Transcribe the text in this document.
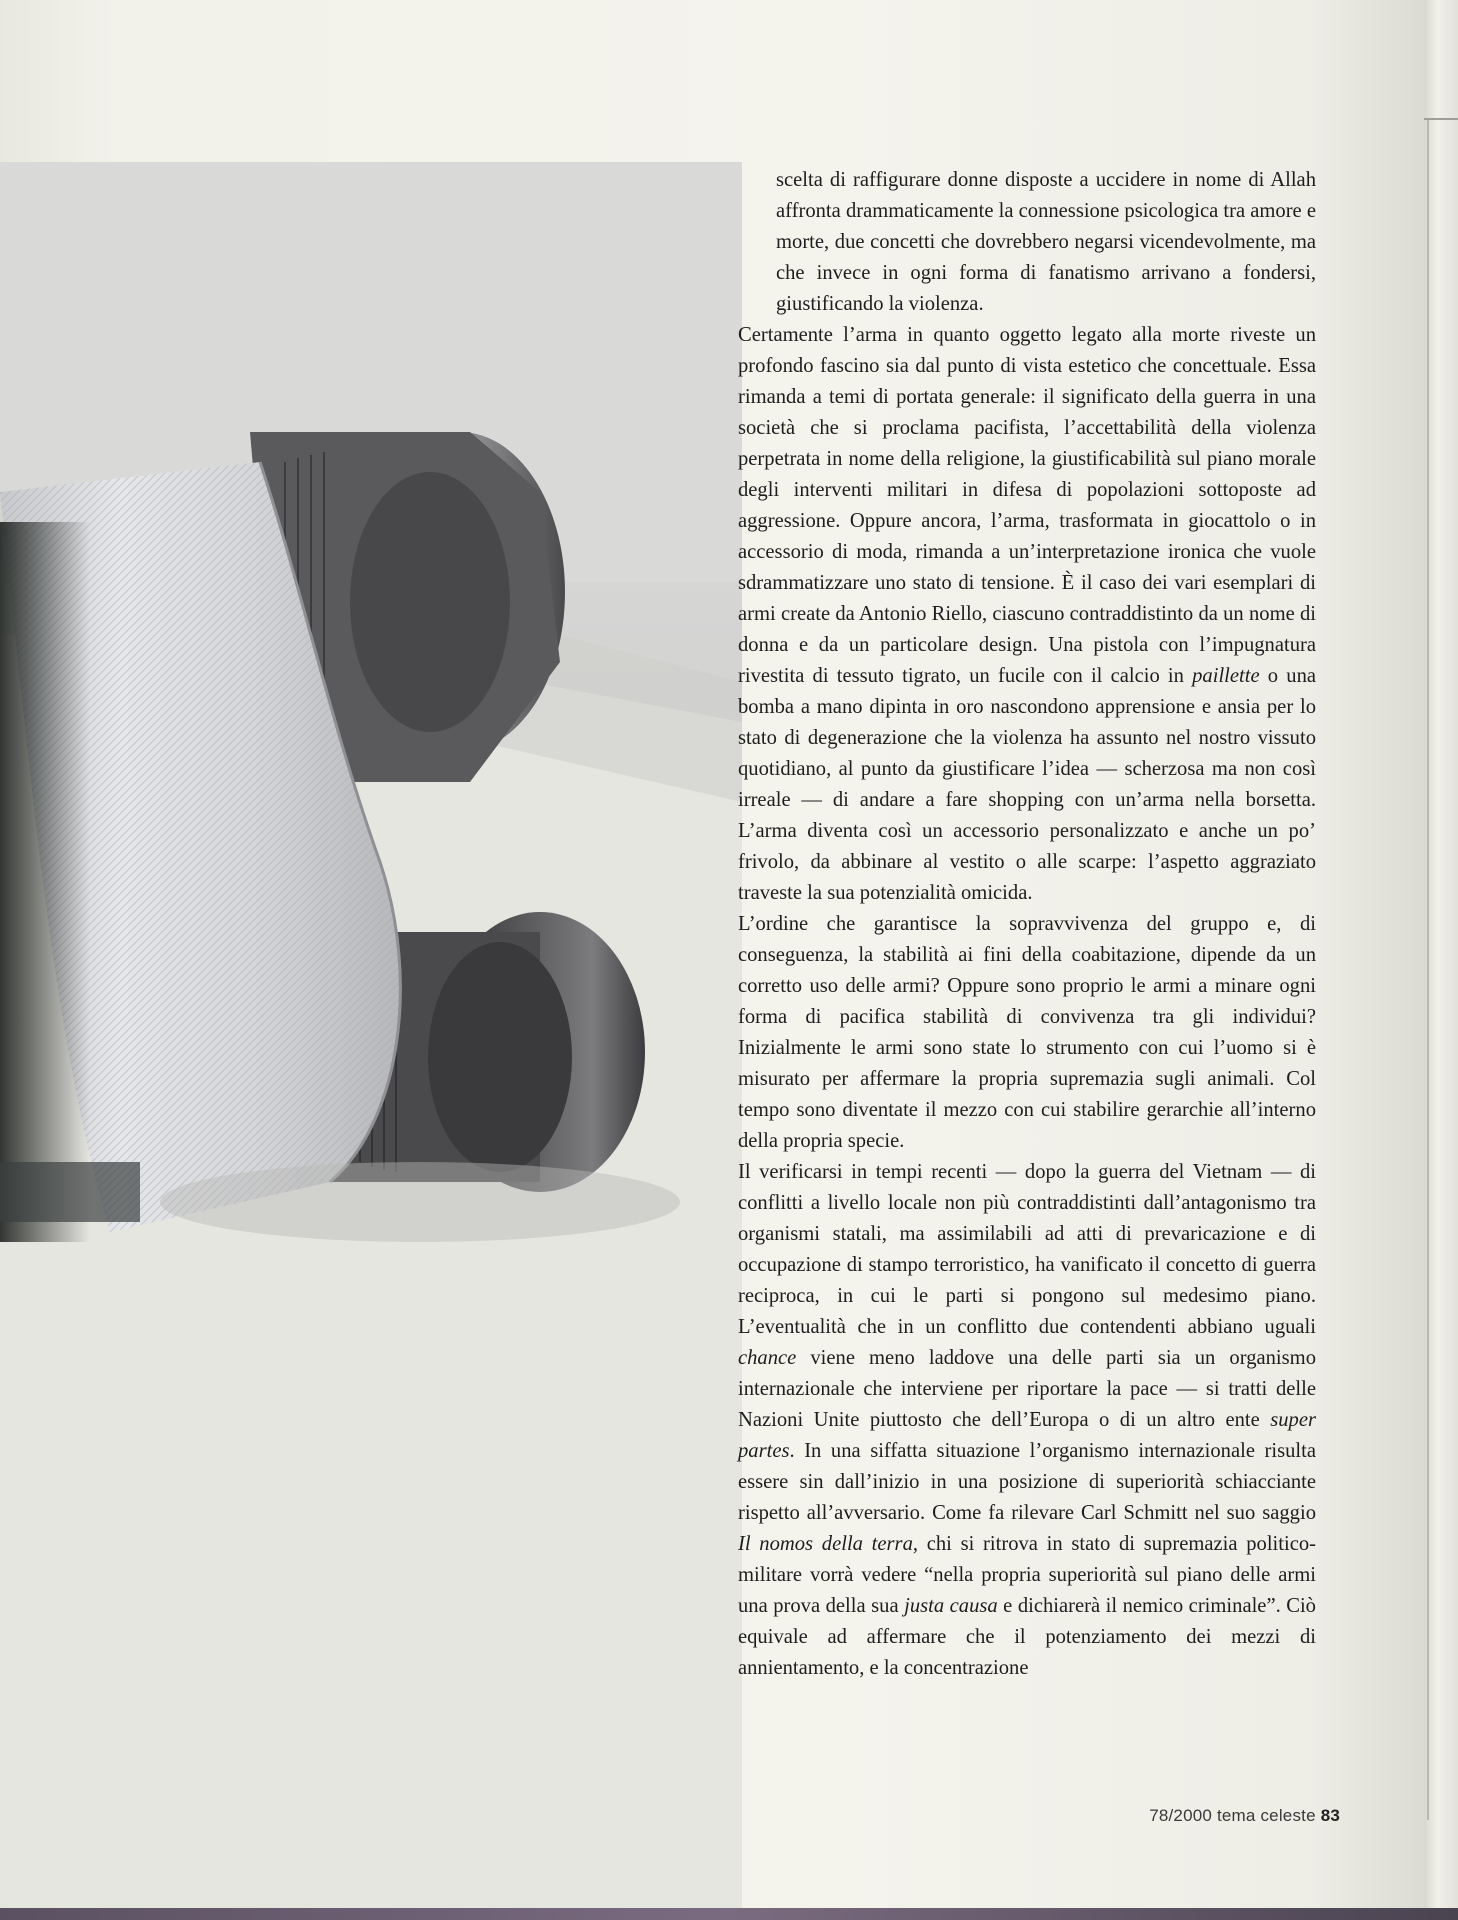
scelta di raffigurare donne disposte a uccidere in nome di Allah affronta drammaticamente la connessione psicologica tra amore e morte, due concetti che dovrebbero negarsi vicendevolmente, ma che invece in ogni forma di fanatismo arrivano a fondersi, giustificando la violenza.

Certamente l’arma in quanto oggetto legato alla morte riveste un profondo fascino sia dal punto di vista estetico che concettuale. Essa rimanda a temi di portata generale: il significato della guerra in una società che si proclama pacifista, l’accettabilità della violenza perpetrata in nome della religione, la giustificabilità sul piano morale degli interventi militari in difesa di popolazioni sottoposte ad aggressione. Oppure ancora, l’arma, trasformata in giocattolo o in accessorio di moda, rimanda a un’interpretazione ironica che vuole sdrammatizzare uno stato di tensione. È il caso dei vari esemplari di armi create da Antonio Riello, ciascuno contraddistinto da un nome di donna e da un particolare design. Una pistola con l’impugnatura rivestita di tessuto tigrato, un fucile con il calcio in paillette o una bomba a mano dipinta in oro nascondono apprensione e ansia per lo stato di degenerazione che la violenza ha assunto nel nostro vissuto quotidiano, al punto da giustificare l’idea — scherzosa ma non così irreale — di andare a fare shopping con un’arma nella borsetta. L’arma diventa così un accessorio personalizzato e anche un po’ frivolo, da abbinare al vestito o alle scarpe: l’aspetto aggraziato traveste la sua potenzialità omicida.

L’ordine che garantisce la sopravvivenza del gruppo e, di conseguenza, la stabilità ai fini della coabitazione, dipende da un corretto uso delle armi? Oppure sono proprio le armi a minare ogni forma di pacifica stabilità di convivenza tra gli individui? Inizialmente le armi sono state lo strumento con cui l’uomo si è misurato per affermare la propria supremazia sugli animali. Col tempo sono diventate il mezzo con cui stabilire gerarchie all’interno della propria specie.

Il verificarsi in tempi recenti — dopo la guerra del Vietnam — di conflitti a livello locale non più contraddistinti dall’antagonismo tra organismi statali, ma assimilabili ad atti di prevaricazione e di occupazione di stampo terroristico, ha vanificato il concetto di guerra reciproca, in cui le parti si pongono sul medesimo piano. L’eventualità che in un conflitto due contendenti abbiano uguali chance viene meno laddove una delle parti sia un organismo internazionale che interviene per riportare la pace — si tratti delle Nazioni Unite piuttosto che dell’Europa o di un altro ente super partes. In una siffatta situazione l’organismo internazionale risulta essere sin dall’inizio in una posizione di superiorità schiacciante rispetto all’avversario. Come fa rilevare Carl Schmitt nel suo saggio Il nomos della terra, chi si ritrova in stato di supremazia politico-militare vorrà vedere “nella propria superiorità sul piano delle armi una prova della sua justa causa e dichiarerà il nemico criminale”. Ciò equivale ad affermare che il potenziamento dei mezzi di annientamento, e la concentrazione

78/2000 tema celeste 83
